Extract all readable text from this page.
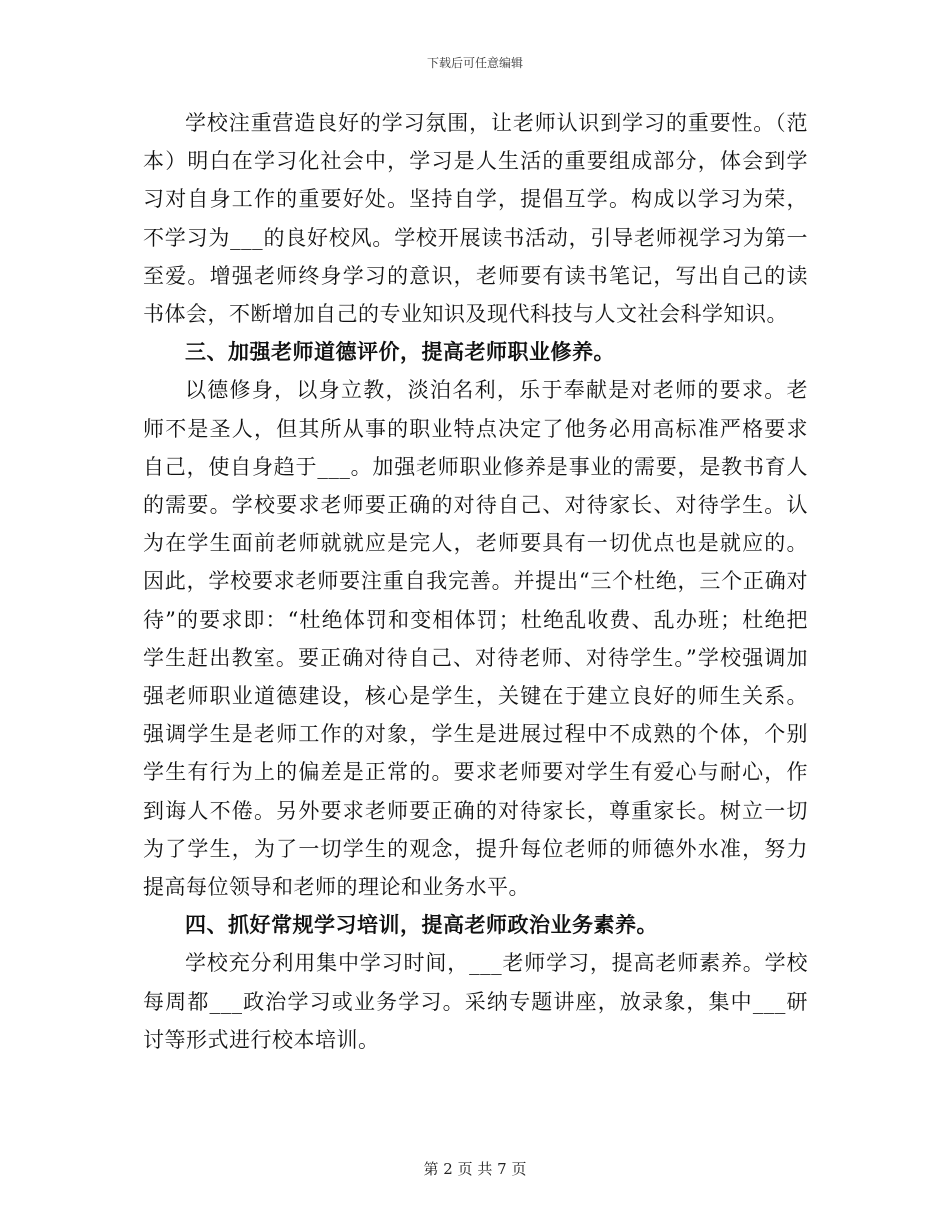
下载后可任意编辑

学校注重营造良好的学习氛围，让老师认识到学习的重要性。（范本）明白在学习化社会中，学习是人生活的重要组成部分，体会到学习对自身工作的重要好处。坚持自学，提倡互学。构成以学习为荣，不学习为___的良好校风。学校开展读书活动，引导老师视学习为第一至爱。增强老师终身学习的意识，老师要有读书笔记，写出自己的读书体会，不断增加自己的专业知识及现代科技与人文社会科学知识。

三、加强老师道德评价，提高老师职业修养。

以德修身，以身立教，淡泊名利，乐于奉献是对老师的要求。老师不是圣人，但其所从事的职业特点决定了他务必用高标准严格要求自己，使自身趋于___。加强老师职业修养是事业的需要，是教书育人的需要。学校要求老师要正确的对待自己、对待家长、对待学生。认为在学生面前老师就就应是完人，老师要具有一切优点也是就应的。因此，学校要求老师要注重自我完善。并提出“三个杜绝，三个正确对待”的要求即：“杜绝体罚和变相体罚；杜绝乱收费、乱办班；杜绝把学生赶出教室。要正确对待自己、对待老师、对待学生。”学校强调加强老师职业道德建设，核心是学生，关键在于建立良好的师生关系。强调学生是老师工作的对象，学生是进展过程中不成熟的个体，个别学生有行为上的偏差是正常的。要求老师要对学生有爱心与耐心，作到诲人不倦。另外要求老师要正确的对待家长，尊重家长。树立一切为了学生，为了一切学生的观念，提升每位老师的师德外水准，努力提高每位领导和老师的理论和业务水平。

四、抓好常规学习培训，提高老师政治业务素养。

学校充分利用集中学习时间，___老师学习，提高老师素养。学校每周都___政治学习或业务学习。采纳专题讲座，放录象，集中___研讨等形式进行校本培训。

第 2 页 共 7 页
